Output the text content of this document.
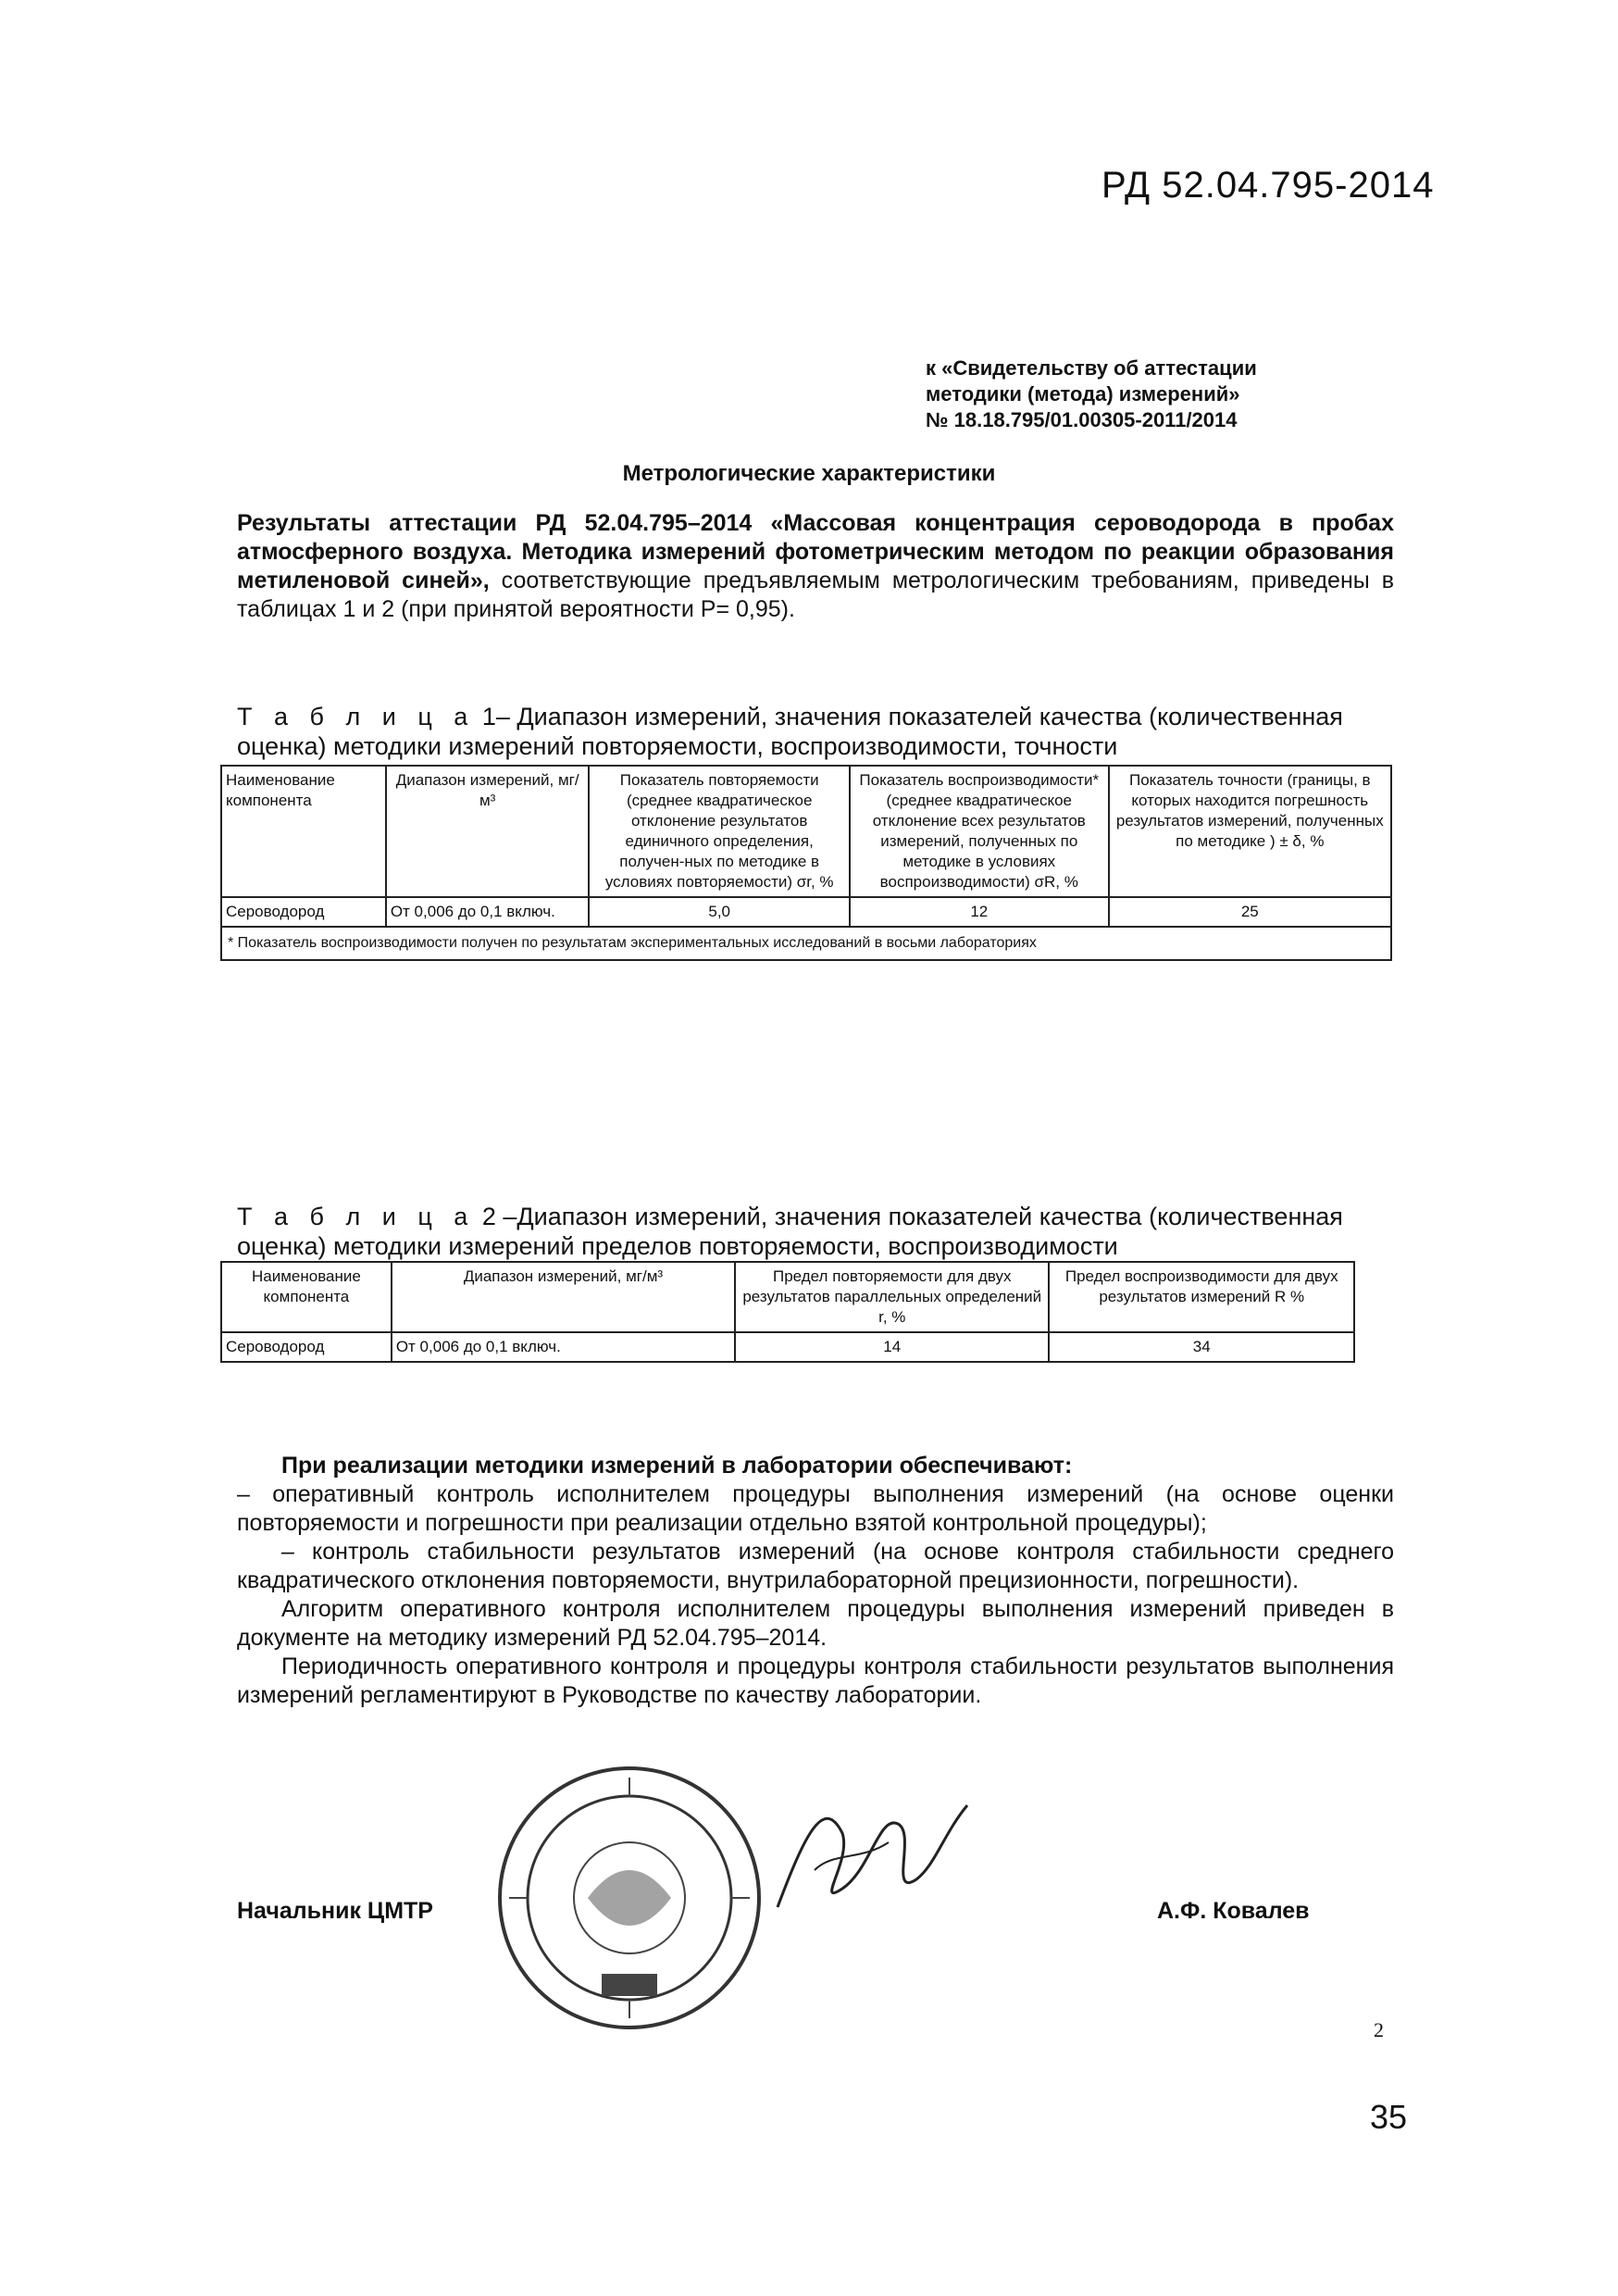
РД 52.04.795-2014
к «Свидетельству об аттестации
методики (метода) измерений»
№ 18.18.795/01.00305-2011/2014
Метрологические характеристики
Результаты аттестации РД 52.04.795–2014 «Массовая концентрация сероводорода в пробах атмосферного воздуха. Методика измерений фотометрическим методом по реакции образования метиленовой синей», соответствующие предъявляемым метрологическим требованиям, приведены в таблицах 1 и 2 (при принятой вероятности P= 0,95).
Т а б л и ц а 1– Диапазон измерений, значения показателей качества (количественная оценка) методики измерений повторяемости, воспроизводимости, точности
Наименование компонента	Диапазон измерений, мг/м³	Показатель повторяемости (среднее квадратическое отклонение результатов единичного определения, получен-ных по методике в условиях повторяемости) σr, %	Показатель воспроизводимости* (среднее квадратическое отклонение всех результатов измерений, полученных по методике в условиях воспроизводимости) σR, %	Показатель точности (границы, в которых находится погрешность результатов измерений, полученных по методике ) ± δ, %
Сероводород	От 0,006 до 0,1 включ.	5,0	12	25
* Показатель воспроизводимости получен по результатам экспериментальных исследований в восьми лабораториях				
Т а б л и ц а 2 –Диапазон измерений, значения показателей качества (количественная оценка) методики измерений пределов повторяемости, воспроизводимости
Наименование компонента	Диапазон измерений, мг/м³	Предел повторяемости для двух результатов параллельных определений r, %	Предел воспроизводимости для двух результатов измерений R %
Сероводород	От 0,006 до 0,1 включ.	14	34

При реализации методики измерений в лаборатории обеспечивают:

– оперативный контроль исполнителем процедуры выполнения измерений (на основе оценки повторяемости и погрешности при реализации отдельно взятой контрольной процедуры);

– контроль стабильности результатов измерений (на основе контроля стабильности среднего квадратического отклонения повторяемости, внутрилабораторной прецизионности, погрешности).

Алгоритм оперативного контроля исполнителем процедуры выполнения измерений приведен в документе на методику измерений РД 52.04.795–2014.

Периодичность оперативного контроля и процедуры контроля стабильности результатов выполнения измерений регламентируют в Руководстве по качеству лаборатории.

Начальник ЦМТР	А.Ф. Ковалев
2
35
